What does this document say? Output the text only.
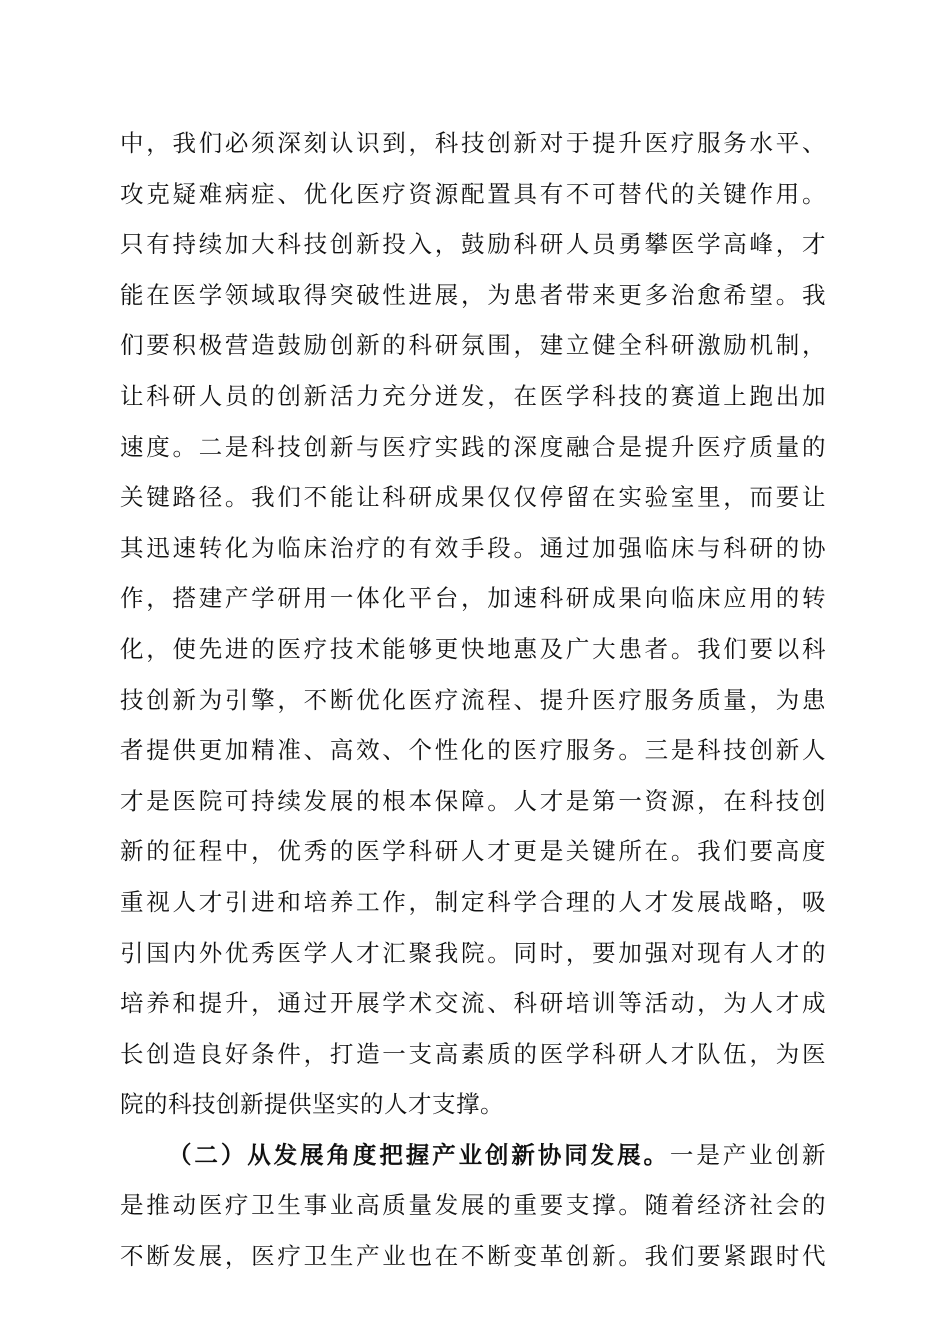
中，我们必须深刻认识到，科技创新对于提升医疗服务水平、
攻克疑难病症、优化医疗资源配置具有不可替代的关键作用。
只有持续加大科技创新投入，鼓励科研人员勇攀医学高峰，才
能在医学领域取得突破性进展，为患者带来更多治愈希望。我
们要积极营造鼓励创新的科研氛围，建立健全科研激励机制，
让科研人员的创新活力充分迸发，在医学科技的赛道上跑出加
速度。二是科技创新与医疗实践的深度融合是提升医疗质量的
关键路径。我们不能让科研成果仅仅停留在实验室里，而要让
其迅速转化为临床治疗的有效手段。通过加强临床与科研的协
作，搭建产学研用一体化平台，加速科研成果向临床应用的转
化，使先进的医疗技术能够更快地惠及广大患者。我们要以科
技创新为引擎，不断优化医疗流程、提升医疗服务质量，为患
者提供更加精准、高效、个性化的医疗服务。三是科技创新人
才是医院可持续发展的根本保障。人才是第一资源，在科技创
新的征程中，优秀的医学科研人才更是关键所在。我们要高度
重视人才引进和培养工作，制定科学合理的人才发展战略，吸
引国内外优秀医学人才汇聚我院。同时，要加强对现有人才的
培养和提升，通过开展学术交流、科研培训等活动，为人才成
长创造良好条件，打造一支高素质的医学科研人才队伍，为医
院的科技创新提供坚实的人才支撑。
（二）从发展角度把握产业创新协同发展。一是产业创新
是推动医疗卫生事业高质量发展的重要支撑。随着经济社会的
不断发展，医疗卫生产业也在不断变革创新。我们要紧跟时代
